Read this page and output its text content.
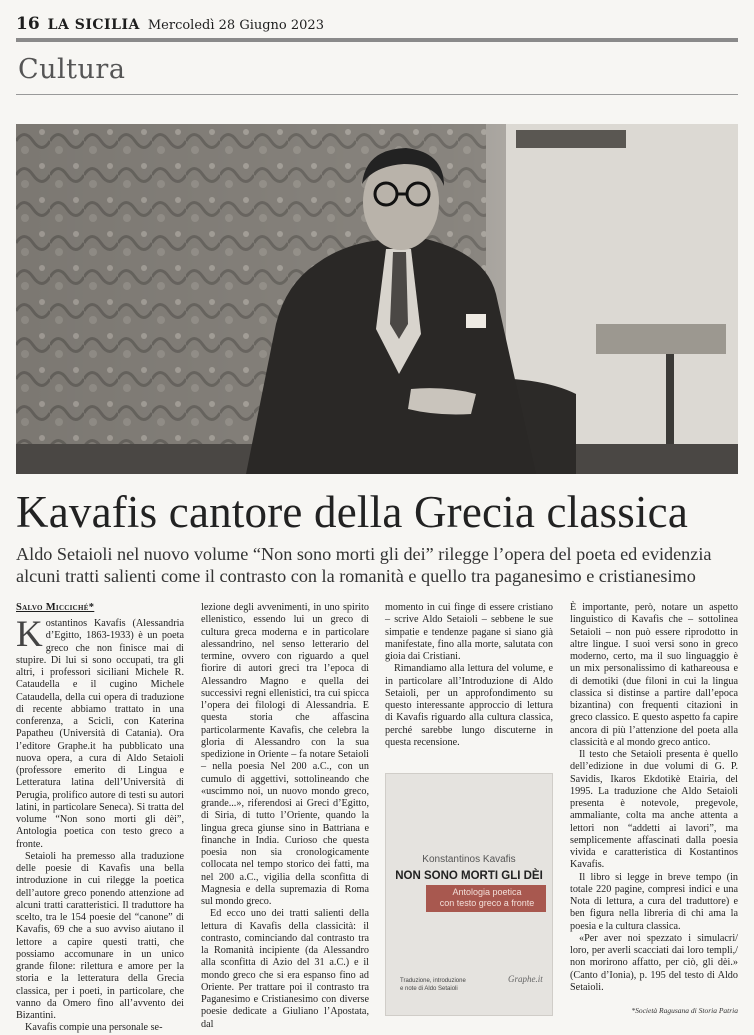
16 LA SICILIA Mercoledì 28 Giugno 2023
Cultura
Kavafis cantore della Grecia classica
Aldo Setaioli nel nuovo volume “Non sono morti gli dei” rilegge l’opera del poeta ed evidenzia alcuni tratti salienti come il contrasto con la romanità e quello tra paganesimo e cristianesimo
Salvo Micciché*

Kostantinos Kavafis (Alessandria d’Egitto, 1863-1933) è un poeta greco che non finisce mai di stupire. Di lui si sono occupati, tra gli altri, i professori siciliani Michele R. Cataudella e il cugino Michele Cataudella, della cui opera di traduzione di recente abbiamo trattato in una conferenza, a Scicli, con Katerina Papatheu (Università di Catania). Ora l’editore Graphe.it ha pubblicato una nuova opera, a cura di Aldo Setaioli (professore emerito di Lingua e Letteratura latina dell’Università di Perugia, prolifico autore di testi su autori latini, in particolare Seneca). Si tratta del volume “Non sono morti gli dèi”, Antologia poetica con testo greco a fronte.

Setaioli ha premesso alla traduzione delle poesie di Kavafis una bella introduzione in cui rilegge la poetica dell’autore greco ponendo attenzione ad alcuni tratti caratteristici. Il traduttore ha scelto, tra le 154 poesie del “canone” di Kavafis, 69 che a suo avviso aiutano il lettore a capire questi tratti, che possiamo accomunare in un unico grande filone: rilettura e amore per la storia e la letteratura della Grecia classica, per i poeti, in particolare, che vanno da Omero fino all’avvento dei Bizantini.

Kavafis compie una personale se-

lezione degli avvenimenti, in uno spirito ellenistico, essendo lui un greco di cultura greca moderna e in particolare alessandrino, nel senso letterario del termine, ovvero con riguardo a quel fiorire di autori greci tra l’epoca di Alessandro Magno e quella dei successivi regni ellenistici, tra cui spicca l’opera dei filologi di Alessandria. E questa storia che affascina particolarmente Kavafis, che celebra la gloria di Alessandro con la sua spedizione in Oriente – fa notare Setaioli – nella poesia Nel 200 a.C., con un cumulo di aggettivi, sottolineando che «uscimmo noi, un nuovo mondo greco, grande...», riferendosi ai Greci d’Egitto, di Siria, di tutto l’Oriente, quando la lingua greca giunse sino in Battriana e finanche in India. Curioso che questa poesia non sia cronologicamente collocata nel tempo storico dei fatti, ma nel 200 a.C., vigilia della sconfitta di Magnesia e della supremazia di Roma sul mondo greco.

Ed ecco uno dei tratti salienti della lettura di Kavafis della classicità: il contrasto, cominciando dal contrasto tra la Romanità incipiente (da Alessandro alla sconfitta di Azio del 31 a.C.) e il mondo greco che si era espanso fino ad Oriente. Per trattare poi il contrasto tra Paganesimo e Cristianesimo con diverse poesie dedicate a Giuliano l’Apostata, dal

momento in cui finge di essere cristiano – scrive Aldo Setaioli – sebbene le sue simpatie e tendenze pagane si siano già manifestate, fino alla morte, salutata con gioia dai Cristiani.

Rimandiamo alla lettura del volume, e in particolare all’Introduzione di Aldo Setaioli, per un approfondimento su questo interessante approccio di lettura di Kavafis riguardo alla cultura classica, perché sarebbe lungo discuterne in questa recensione.

Konstantinos Kavafis
NON SONO MORTI GLI DÈI
Antologia poetica
con testo greco a fronte
Traduzione, introduzione
e note di Aldo Setaioli
Graphe.it

È importante, però, notare un aspetto linguistico di Kavafis che – sottolinea Setaioli – non può essere riprodotto in altre lingue. I suoi versi sono in greco moderno, certo, ma il suo linguaggio è un mix personalissimo di kathareousa e di demotiki (due filoni in cui la lingua classica si distinse a partire dall’epoca bizantina) con frequenti citazioni in greco classico. E questo aspetto fa capire ancora di più l’attenzione del poeta alla classicità e al mondo greco antico.

Il testo che Setaioli presenta è quello dell’edizione in due volumi di G. P. Savidis, Ikaros Ekdotikè Etairia, del 1995. La traduzione che Aldo Setaioli presenta è notevole, pregevole, ammaliante, colta ma anche attenta a lettori non “addetti ai lavori”, ma semplicemente affascinati dalla poesia vivida e caratteristica di Kostantinos Kavafis.

Il libro si legge in breve tempo (in totale 220 pagine, compresi indici e una Nota di lettura, a cura del traduttore) e ben figura nella libreria di chi ama la poesia e la cultura classica.

«Per aver noi spezzato i simulacri/ loro, per averli scacciati dai loro templi,/ non morirono affatto, per ciò, gli dèi.» (Canto d’Ionia), p. 195 del testo di Aldo Setaioli.

*Società Ragusana di Storia Patria
